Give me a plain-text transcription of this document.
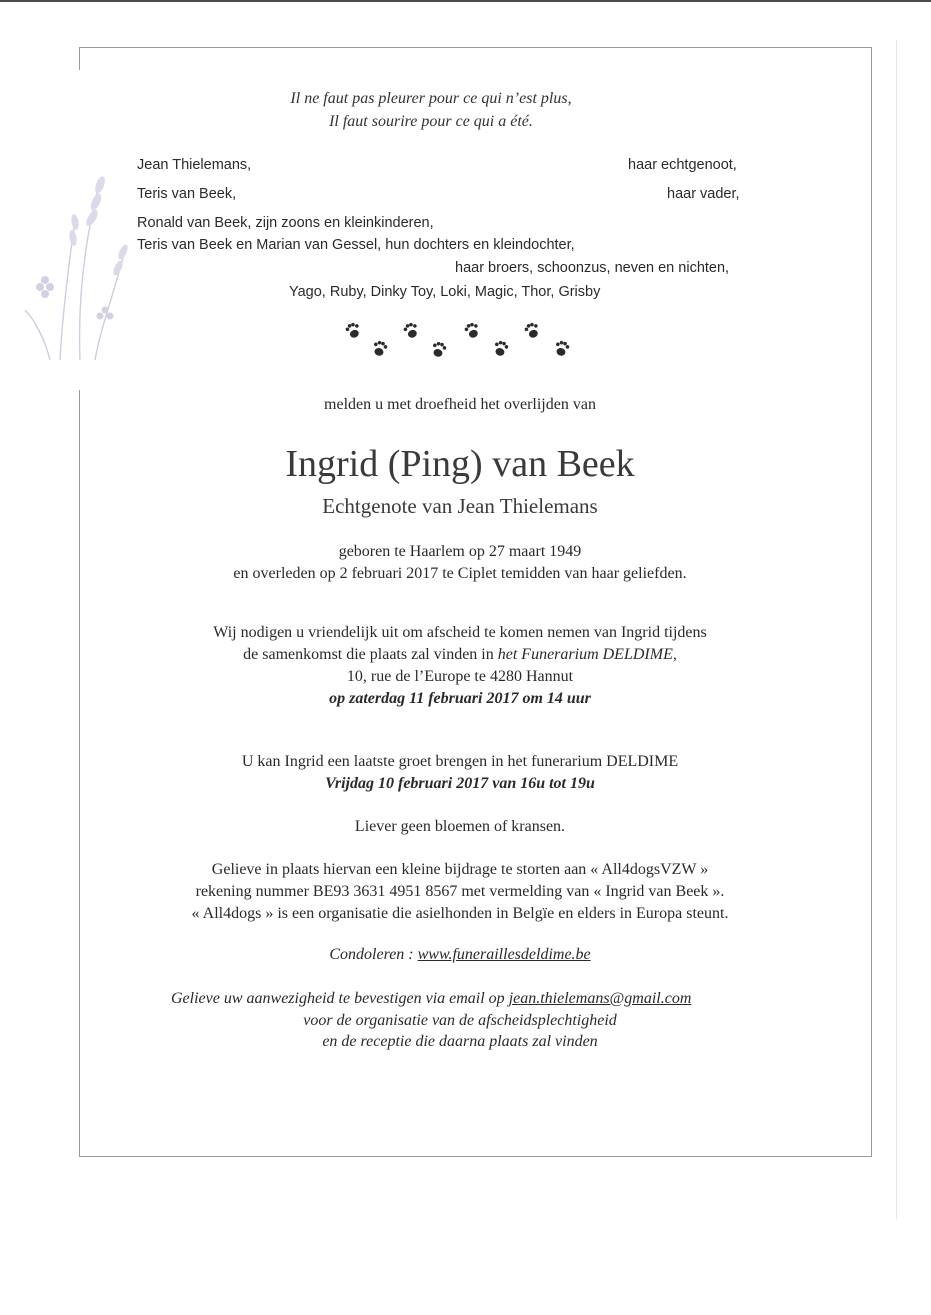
Il ne faut pas pleurer pour ce qui n’est plus,
Il faut sourire pour ce qui a été.
Jean Thielemans,	haar echtgenoot,
Teris van Beek,	haar vader,
Ronald van Beek, zijn zoons en kleinkinderen,
Teris van Beek en Marian van Gessel, hun dochters en kleindochter,
haar broers, schoonzus, neven en nichten,
Yago, Ruby, Dinky Toy, Loki, Magic, Thor, Grisby
melden u met droefheid het overlijden van
Ingrid (Ping) van Beek
Echtgenote van Jean Thielemans
geboren te Haarlem op 27 maart 1949
en overleden op 2 februari 2017 te Ciplet temidden van haar geliefden.
Wij nodigen u vriendelijk uit om afscheid te komen nemen van Ingrid tijdens
de samenkomst die plaats zal vinden in het Funerarium DELDIME,
10, rue de l’Europe te 4280 Hannut
op zaterdag 11 februari 2017 om 14 uur
U kan Ingrid een laatste groet brengen in het funerarium DELDIME
Vrijdag 10 februari 2017 van 16u tot 19u
Liever geen bloemen of kransen.
Gelieve in plaats hiervan een kleine bijdrage te storten aan « All4dogsVZW »
rekening nummer BE93 3631 4951 8567 met vermelding van « Ingrid van Beek ».
« All4dogs » is een organisatie die asielhonden in Belgïe en elders in Europa steunt.
Condoleren : www.funeraillesdeldime.be
Gelieve uw aanwezigheid te bevestigen via email op jean.thielemans@gmail.com
voor de organisatie van de afscheidsplechtigheid
en de receptie die daarna plaats zal vinden
